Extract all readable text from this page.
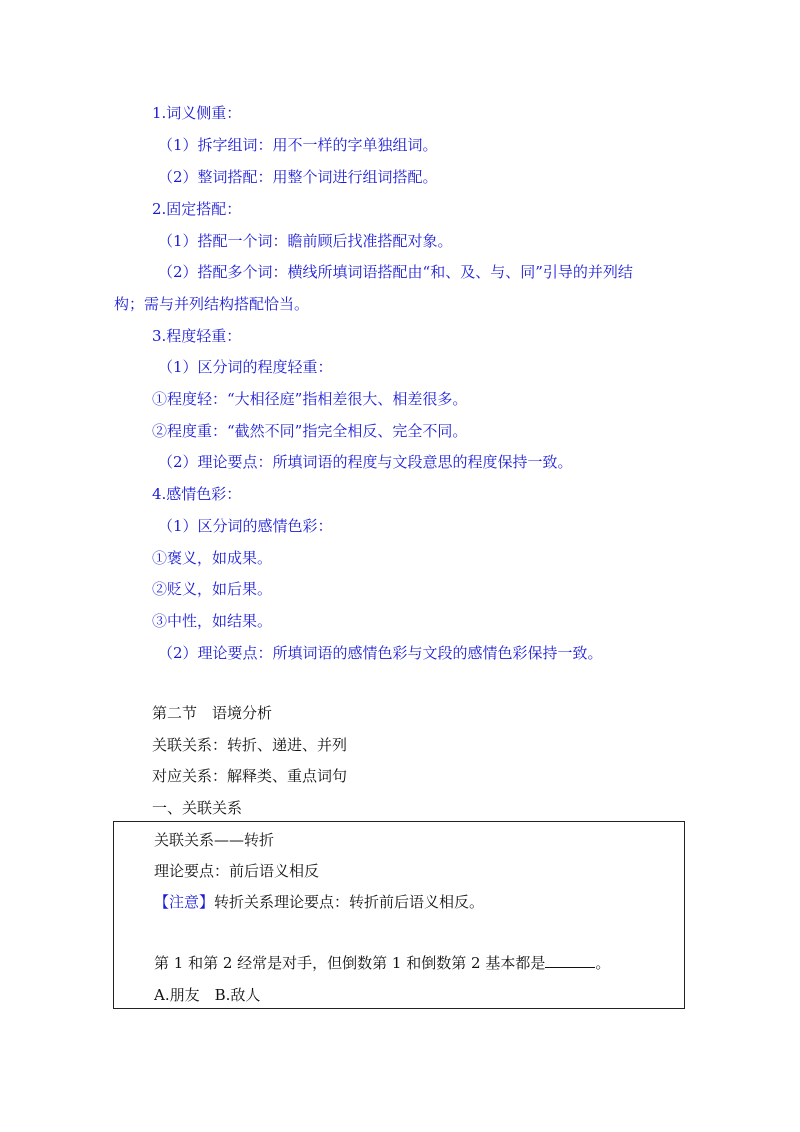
1.词义侧重：
（1）拆字组词：用不一样的字单独组词。
（2）整词搭配：用整个词进行组词搭配。
2.固定搭配：
（1）搭配一个词：瞻前顾后找准搭配对象。
（2）搭配多个词：横线所填词语搭配由“和、及、与、同”引导的并列结
构；需与并列结构搭配恰当。
3.程度轻重：
（1）区分词的程度轻重：
①程度轻：“大相径庭”指相差很大、相差很多。
②程度重：“截然不同”指完全相反、完全不同。
（2）理论要点：所填词语的程度与文段意思的程度保持一致。
4.感情色彩：
（1）区分词的感情色彩：
①褒义，如成果。
②贬义，如后果。
③中性，如结果。
（2）理论要点：所填词语的感情色彩与文段的感情色彩保持一致。
第二节　语境分析
关联关系：转折、递进、并列
对应关系：解释类、重点词句
一、关联关系
关联关系——转折
理论要点：前后语义相反
【注意】转折关系理论要点：转折前后语义相反。
第 1 和第 2 经常是对手，但倒数第 1 和倒数第 2 基本都是	。
A.朋友　B.敌人
